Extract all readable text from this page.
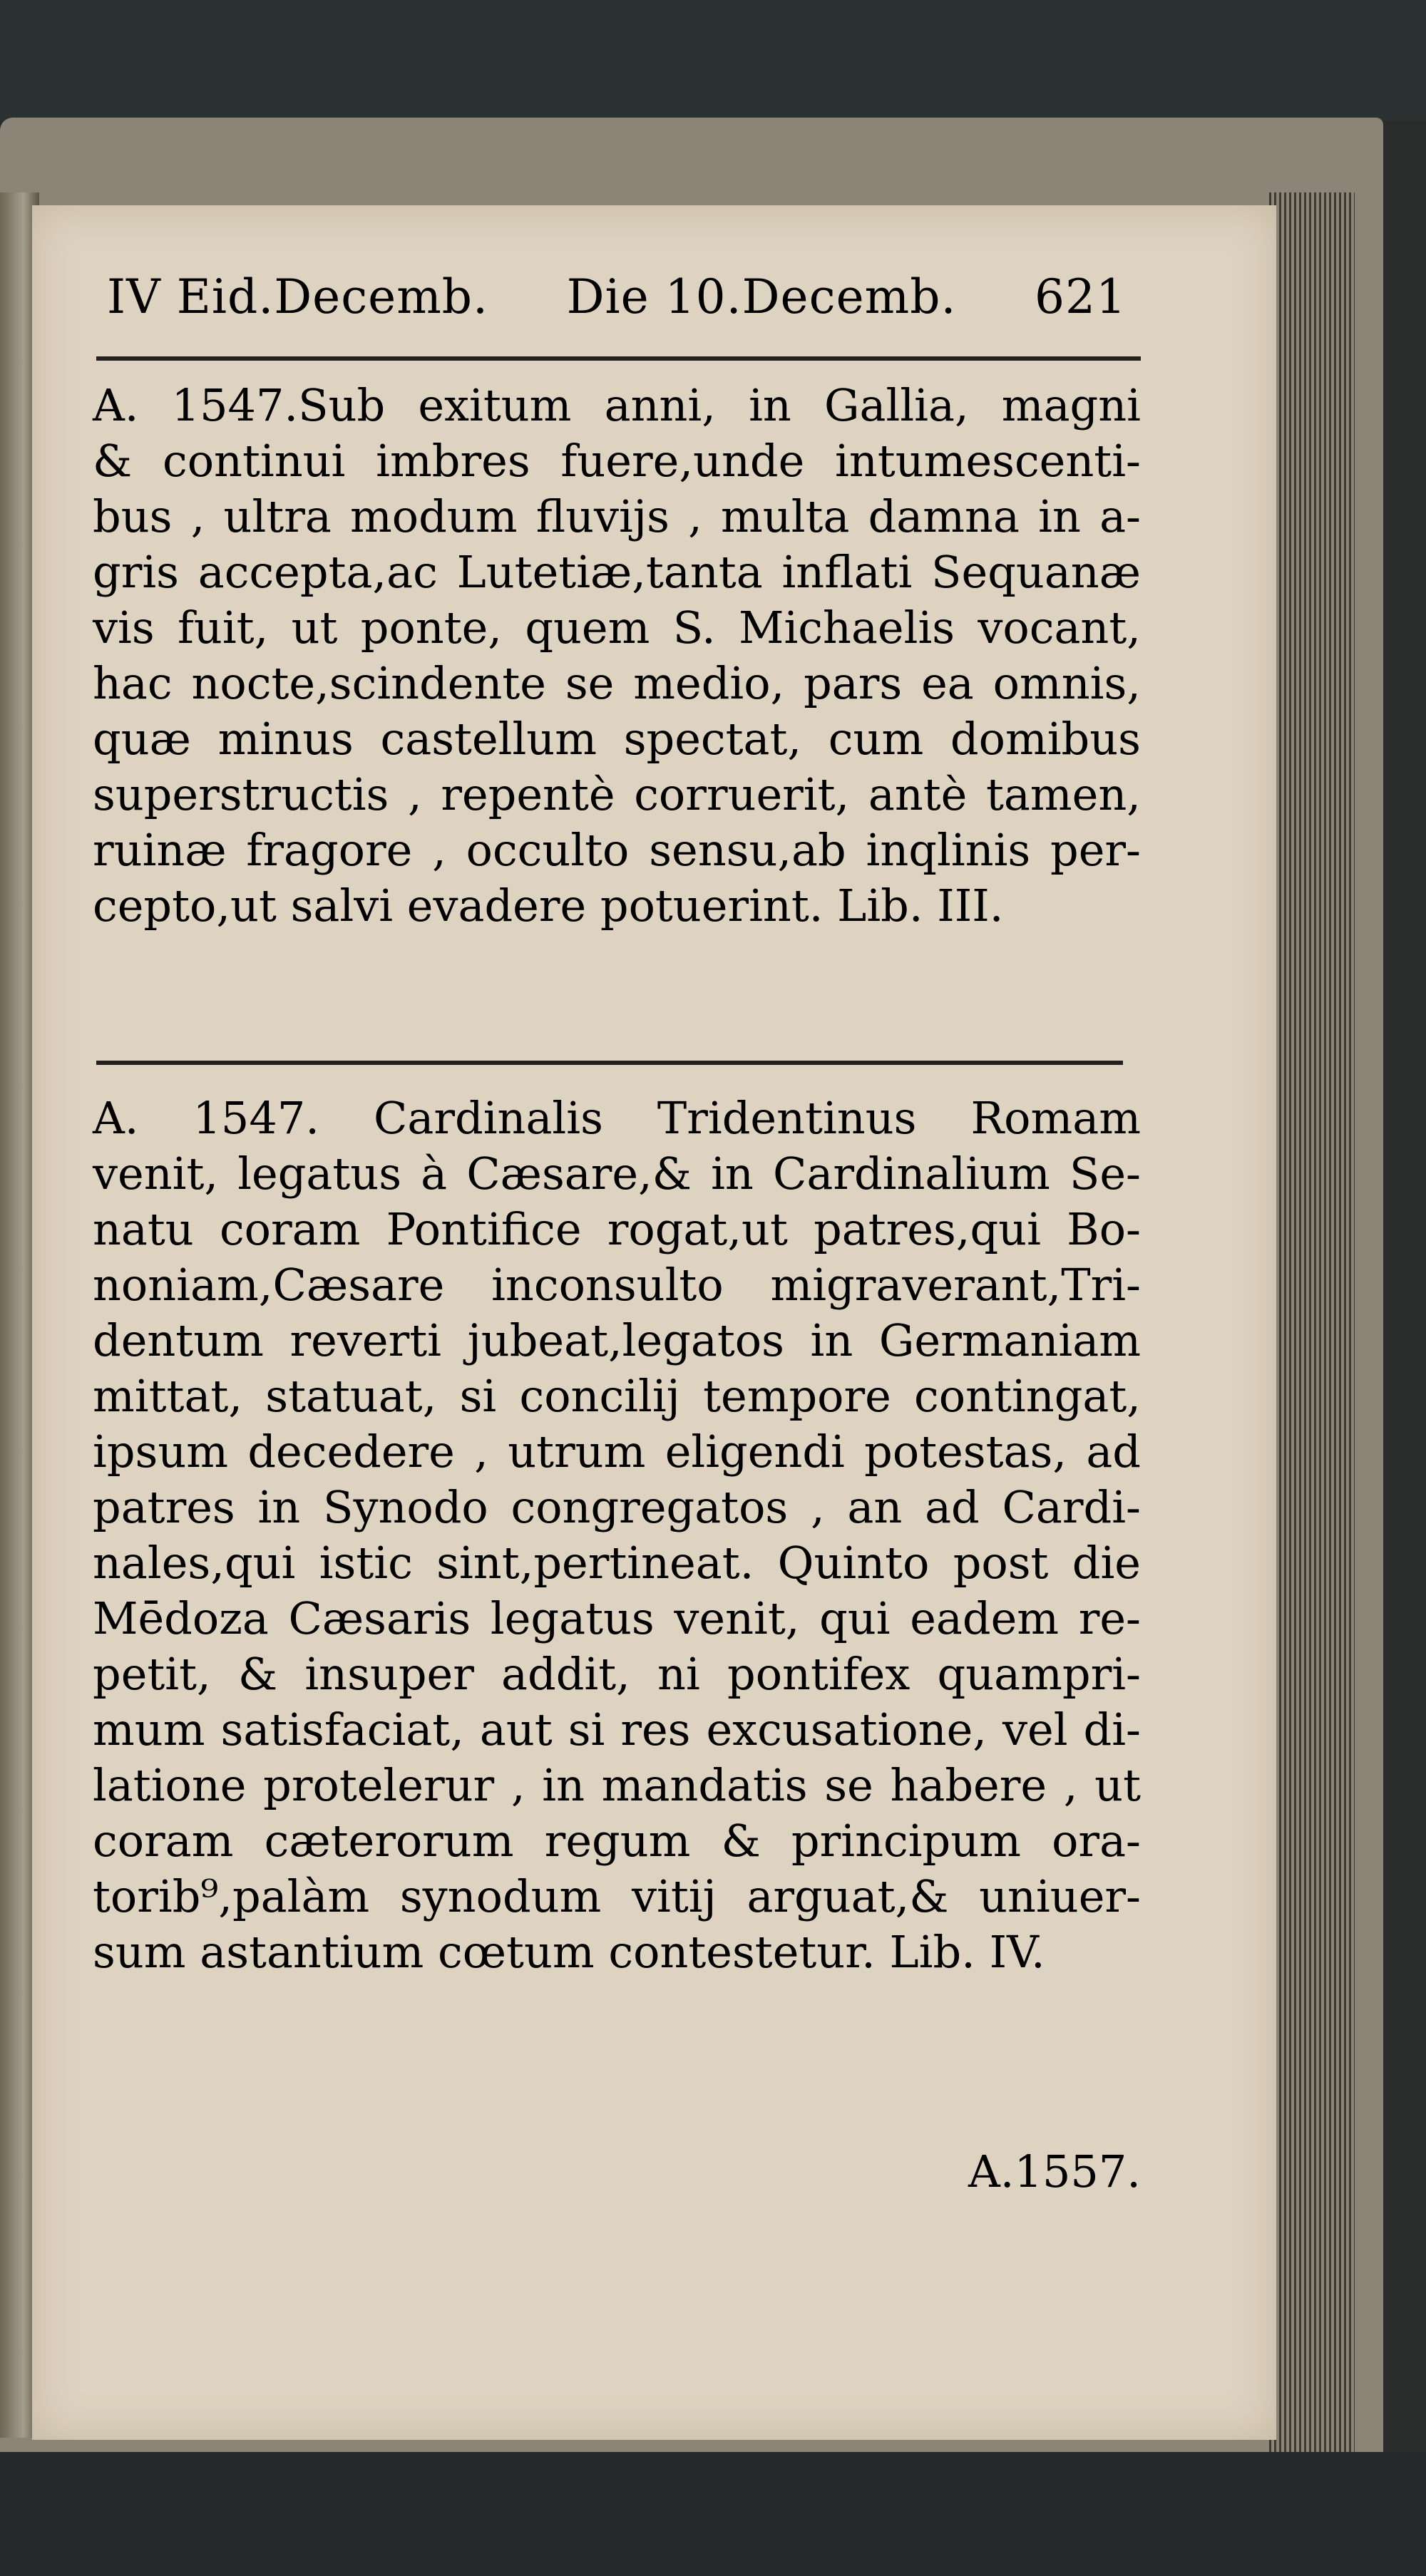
IV Eid.Decemb. Die 10.Decemb. 621
A. 1547.Sub exitum anni, in Gallia, magni
& continui imbres fuere,unde intumescenti-
bus , ultra modum fluvijs , multa damna in a-
gris accepta,ac Lutetiæ,tanta inflati Sequanæ
vis fuit, ut ponte, quem S. Michaelis vocant,
hac nocte,scindente se medio, pars ea omnis,
quæ minus castellum spectat, cum domibus
superstructis , repentè corruerit, antè tamen,
ruinæ fragore , occulto sensu,ab inqlinis per-
cepto,ut salvi evadere potuerint. Lib. III.
A. 1547. Cardinalis Tridentinus Romam
venit, legatus à Cæsare,& in Cardinalium Se-
natu coram Pontifice rogat,ut patres,qui Bo-
noniam,Cæsare inconsulto migraverant,Tri-
dentum reverti jubeat,legatos in Germaniam
mittat, statuat, si concilij tempore contingat,
ipsum decedere , utrum eligendi potestas, ad
patres in Synodo congregatos , an ad Cardi-
nales,qui istic sint,pertineat. Quinto post die
Mēdoza Cæsaris legatus venit, qui eadem re-
petit, & insuper addit, ni pontifex quampri-
mum satisfaciat, aut si res excusatione, vel di-
latione protelerur , in mandatis se habere , ut
coram cæterorum regum & principum ora-
torib⁹,palàm synodum vitij arguat,& uniuer-
sum astantium cœtum contestetur. Lib. IV.
A.1557.
